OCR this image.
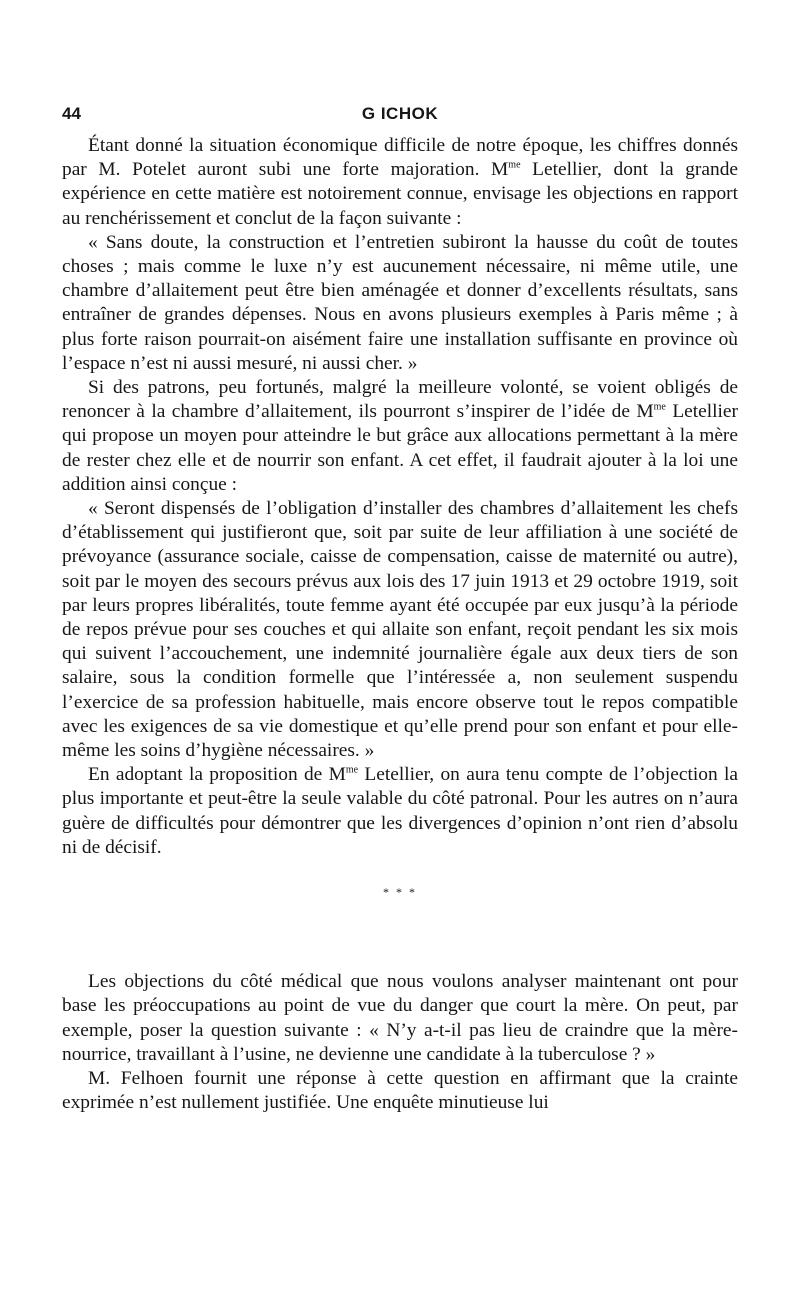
44	G ICHOK

Étant donné la situation économique difficile de notre époque, les chiffres donnés par M. Potelet auront subi une forte majoration. $M^{me}$ Letellier, dont la grande expérience en cette matière est notoirement connue, envisage les objections en rapport au renchérissement et conclut de la façon suivante :

« Sans doute, la construction et l’entretien subiront la hausse du coût de toutes choses ; mais comme le luxe n’y est aucunement nécessaire, ni même utile, une chambre d’allaitement peut être bien aménagée et donner d’excellents résultats, sans entraîner de grandes dépenses. Nous en avons plusieurs exemples à Paris même ; à plus forte raison pourrait-on aisément faire une installation suffisante en province où l’espace n’est ni aussi mesuré, ni aussi cher. »

Si des patrons, peu fortunés, malgré la meilleure volonté, se voient obligés de renoncer à la chambre d’allaitement, ils pourront s’inspirer de l’idée de $M^{me}$ Letellier qui propose un moyen pour atteindre le but grâce aux allocations permettant à la mère de rester chez elle et de nourrir son enfant. A cet effet, il faudrait ajouter à la loi une addition ainsi conçue :

« Seront dispensés de l’obligation d’installer des chambres d’allaitement les chefs d’établissement qui justifieront que, soit par suite de leur affiliation à une société de prévoyance (assurance sociale, caisse de compensation, caisse de maternité ou autre), soit par le moyen des secours prévus aux lois des 17 juin 1913 et 29 octobre 1919, soit par leurs propres libéralités, toute femme ayant été occupée par eux jusqu’à la période de repos prévue pour ses couches et qui allaite son enfant, reçoit pendant les six mois qui suivent l’accouchement, une indemnité journalière égale aux deux tiers de son salaire, sous la condition formelle que l’intéressée a, non seulement suspendu l’exercice de sa profession habituelle, mais encore observe tout le repos compatible avec les exigences de sa vie domestique et qu’elle prend pour son enfant et pour elle-même les soins d’hygiène nécessaires. »

En adoptant la proposition de $M^{me}$ Letellier, on aura tenu compte de l’objection la plus importante et peut-être la seule valable du côté patronal. Pour les autres on n’aura guère de difficultés pour démontrer que les divergences d’opinion n’ont rien d’absolu ni de décisif.

* * *

Les objections du côté médical que nous voulons analyser maintenant ont pour base les préoccupations au point de vue du danger que court la mère. On peut, par exemple, poser la question suivante : « N’y a-t-il pas lieu de craindre que la mère-nourrice, travaillant à l’usine, ne devienne une candidate à la tuberculose ? »

M. Felhoen fournit une réponse à cette question en affirmant que la crainte exprimée n’est nullement justifiée. Une enquête minutieuse lui
